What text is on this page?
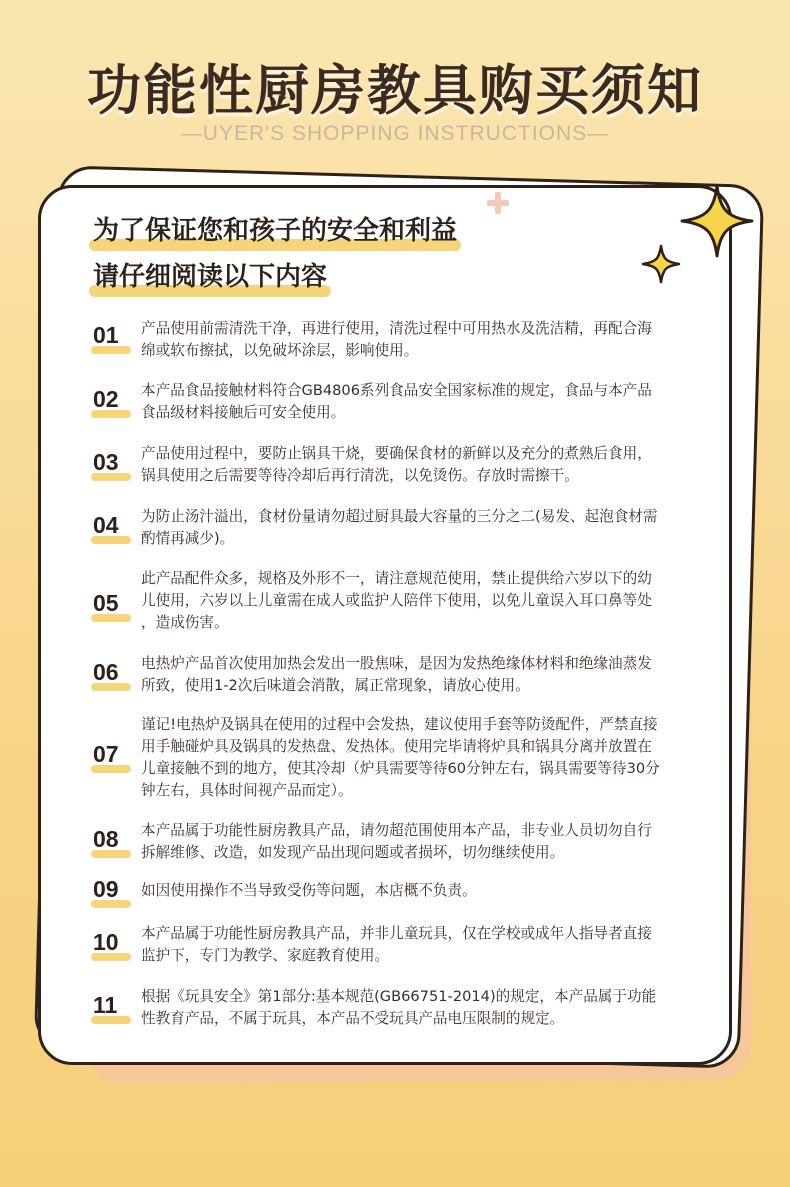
功能性厨房教具购买须知
—UYER'S SHOPPING INSTRUCTIONS—
为了保证您和孩子的安全和利益
请仔细阅读以下内容
01	产品使用前需清洗干净，再进行使用，清洗过程中可用热水及洗洁精，再配合海
绵或软布擦拭，以免破坏涂层，影响使用。
02	本产品食品接触材料符合GB4806系列食品安全国家标准的规定，食品与本产品
食品级材料接触后可安全使用。
03	产品使用过程中，要防止锅具干烧，要确保食材的新鲜以及充分的煮熟后食用，
锅具使用之后需要等待冷却后再行清洗，以免烫伤。存放时需擦干。
04	为防止汤汁溢出，食材份量请勿超过厨具最大容量的三分之二(易发、起泡食材需
酌情再减少)。
05
此产品配件众多，规格及外形不一，请注意规范使用，禁止提供给六岁以下的幼
儿使用，六岁以上儿童需在成人或监护人陪伴下使用，以免儿童误入耳口鼻等处
，造成伤害。
06	电热炉产品首次使用加热会发出一股焦味，是因为发热绝缘体材料和绝缘油蒸发
所致，使用1-2次后味道会消散，属正常现象，请放心使用。
07
谨记!电热炉及锅具在使用的过程中会发热，建议使用手套等防烫配件，严禁直接
用手触碰炉具及锅具的发热盘、发热体。使用完毕请将炉具和锅具分离并放置在
儿童接触不到的地方，使其冷却（炉具需要等待60分钟左右，锅具需要等待30分
钟左右，具体时间视产品而定）。
08	本产品属于功能性厨房教具产品，请勿超范围使用本产品，非专业人员切勿自行
拆解维修、改造，如发现产品出现问题或者损坏，切勿继续使用。
09	如因使用操作不当导致受伤等问题，本店概不负责。
10	本产品属于功能性厨房教具产品，并非儿童玩具，仅在学校或成年人指导者直接
监护下，专门为教学、家庭教育使用。
11	根据《玩具安全》第1部分:基本规范(GB66751-2014)的规定，本产品属于功能
性教育产品，不属于玩具，本产品不受玩具产品电压限制的规定。
